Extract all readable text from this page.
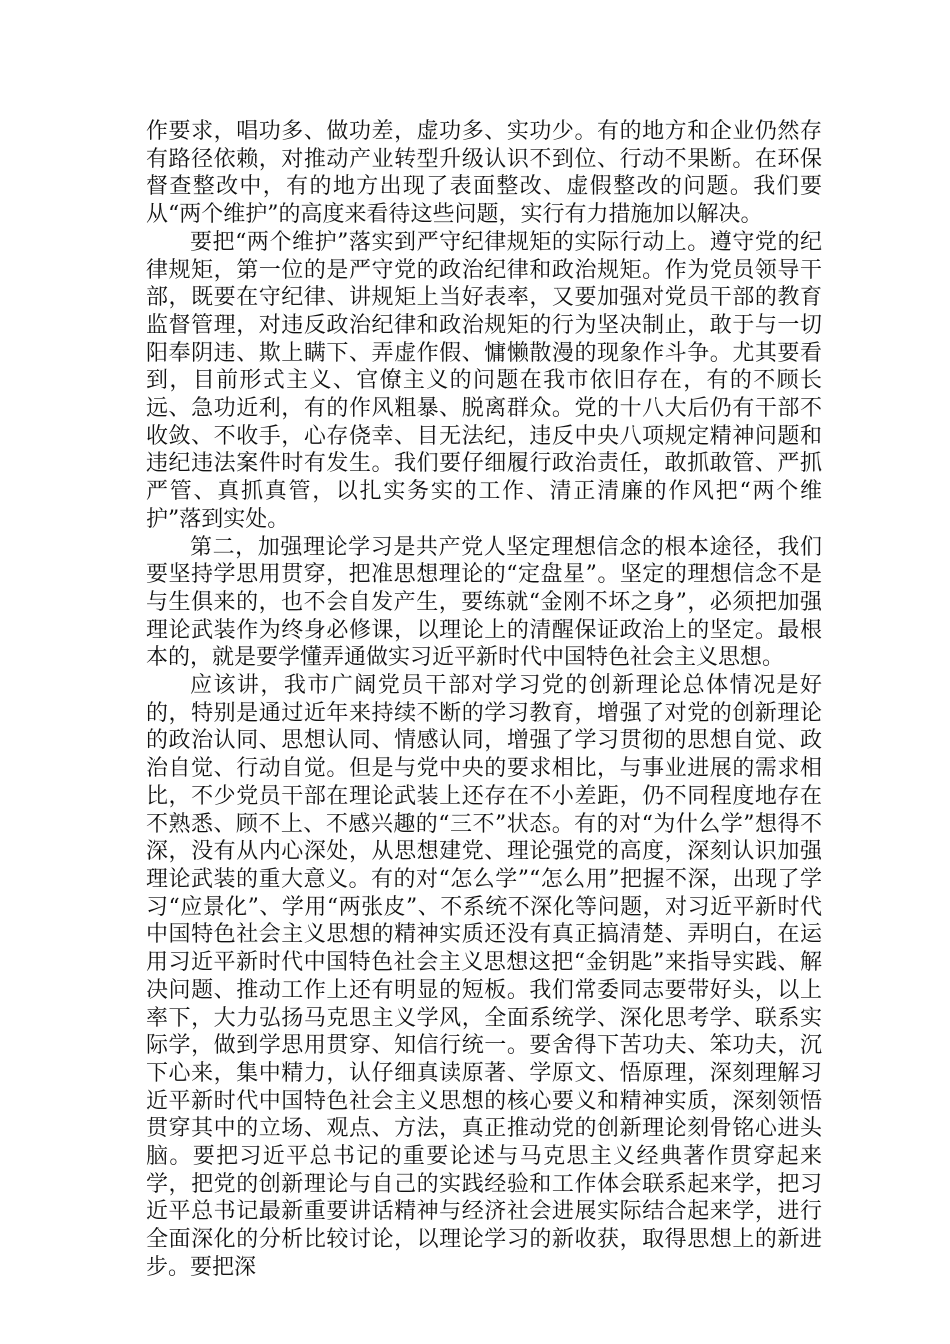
作要求，唱功多、做功差，虚功多、实功少。有的地方和企业仍然存有路径依赖，对推动产业转型升级认识不到位、行动不果断。在环保督查整改中，有的地方出现了表面整改、虚假整改的问题。我们要从“两个维护”的高度来看待这些问题，实行有力措施加以解决。

要把“两个维护”落实到严守纪律规矩的实际行动上。遵守党的纪律规矩，第一位的是严守党的政治纪律和政治规矩。作为党员领导干部，既要在守纪律、讲规矩上当好表率，又要加强对党员干部的教育监督管理，对违反政治纪律和政治规矩的行为坚决制止，敢于与一切阳奉阴违、欺上瞒下、弄虚作假、慵懒散漫的现象作斗争。尤其要看到，目前形式主义、官僚主义的问题在我市依旧存在，有的不顾长远、急功近利，有的作风粗暴、脱离群众。党的十八大后仍有干部不收敛、不收手，心存侥幸、目无法纪，违反中央八项规定精神问题和违纪违法案件时有发生。我们要仔细履行政治责任，敢抓敢管、严抓严管、真抓真管，以扎实务实的工作、清正清廉的作风把“两个维护”落到实处。

第二，加强理论学习是共产党人坚定理想信念的根本途径，我们要坚持学思用贯穿，把准思想理论的“定盘星”。坚定的理想信念不是与生俱来的，也不会自发产生，要练就“金刚不坏之身”，必须把加强理论武装作为终身必修课，以理论上的清醒保证政治上的坚定。最根本的，就是要学懂弄通做实习近平新时代中国特色社会主义思想。

应该讲，我市广阔党员干部对学习党的创新理论总体情况是好的，特别是通过近年来持续不断的学习教育，增强了对党的创新理论的政治认同、思想认同、情感认同，增强了学习贯彻的思想自觉、政治自觉、行动自觉。但是与党中央的要求相比，与事业进展的需求相比，不少党员干部在理论武装上还存在不小差距，仍不同程度地存在不熟悉、顾不上、不感兴趣的“三不”状态。有的对“为什么学”想得不深，没有从内心深处，从思想建党、理论强党的高度，深刻认识加强理论武装的重大意义。有的对“怎么学”“怎么用”把握不深，出现了学习“应景化”、学用“两张皮”、不系统不深化等问题，对习近平新时代中国特色社会主义思想的精神实质还没有真正搞清楚、弄明白，在运用习近平新时代中国特色社会主义思想这把“金钥匙”来指导实践、解决问题、推动工作上还有明显的短板。我们常委同志要带好头，以上率下，大力弘扬马克思主义学风，全面系统学、深化思考学、联系实际学，做到学思用贯穿、知信行统一。要舍得下苦功夫、笨功夫，沉下心来，集中精力，认仔细真读原著、学原文、悟原理，深刻理解习近平新时代中国特色社会主义思想的核心要义和精神实质，深刻领悟贯穿其中的立场、观点、方法，真正推动党的创新理论刻骨铭心进头脑。要把习近平总书记的重要论述与马克思主义经典著作贯穿起来学，把党的创新理论与自己的实践经验和工作体会联系起来学，把习近平总书记最新重要讲话精神与经济社会进展实际结合起来学，进行全面深化的分析比较讨论，以理论学习的新收获，取得思想上的新进步。要把深
